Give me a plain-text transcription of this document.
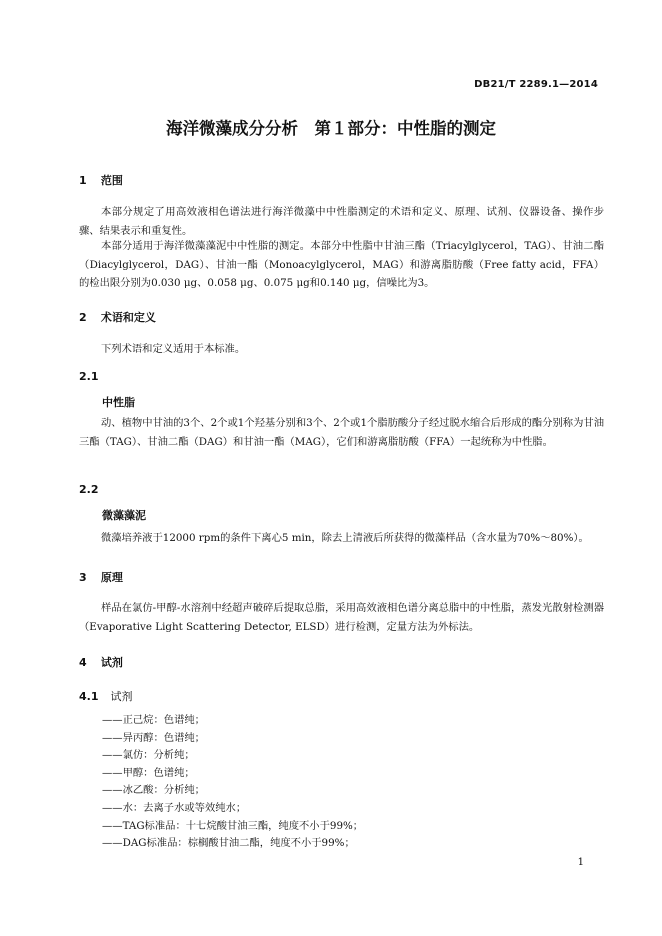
DB21/T 2289.1—2014
海洋微藻成分分析　第１部分：中性脂的测定
1 范围

本部分规定了用高效液相色谱法进行海洋微藻中中性脂测定的术语和定义、原理、试剂、仪器设备、操作步骤、结果表示和重复性。

本部分适用于海洋微藻藻泥中中性脂的测定。本部分中性脂中甘油三酯（Triacylglycerol，TAG）、甘油二酯（Diacylglycerol，DAG）、甘油一酯（Monoacylglycerol，MAG）和游离脂肪酸（Free fatty acid，FFA）的检出限分别为0.030 μg、0.058 μg、0.075 μg和0.140 μg，信噪比为3。

2 术语和定义

下列术语和定义适用于本标准。

2.1
中性脂

动、植物中甘油的3个、2个或1个羟基分别和3个、2个或1个脂肪酸分子经过脱水缩合后形成的酯分别称为甘油三酯（TAG）、甘油二酯（DAG）和甘油一酯（MAG），它们和游离脂肪酸（FFA）一起统称为中性脂。

2.2
微藻藻泥

微藻培养液于12000 rpm的条件下离心5 min，除去上清液后所获得的微藻样品（含水量为70%～80%）。

3 原理

样品在氯仿-甲醇-水溶剂中经超声破碎后提取总脂，采用高效液相色谱分离总脂中的中性脂，蒸发光散射检测器（Evaporative Light Scattering Detector, ELSD）进行检测，定量方法为外标法。

4 试剂
4.1 试剂
——正己烷：色谱纯；
——异丙醇：色谱纯；
——氯仿：分析纯；
——甲醇：色谱纯；
——冰乙酸：分析纯；
——水：去离子水或等效纯水；
——TAG标准品：十七烷酸甘油三酯，纯度不小于99%；
——DAG标准品：棕榈酸甘油二酯，纯度不小于99%；
1
